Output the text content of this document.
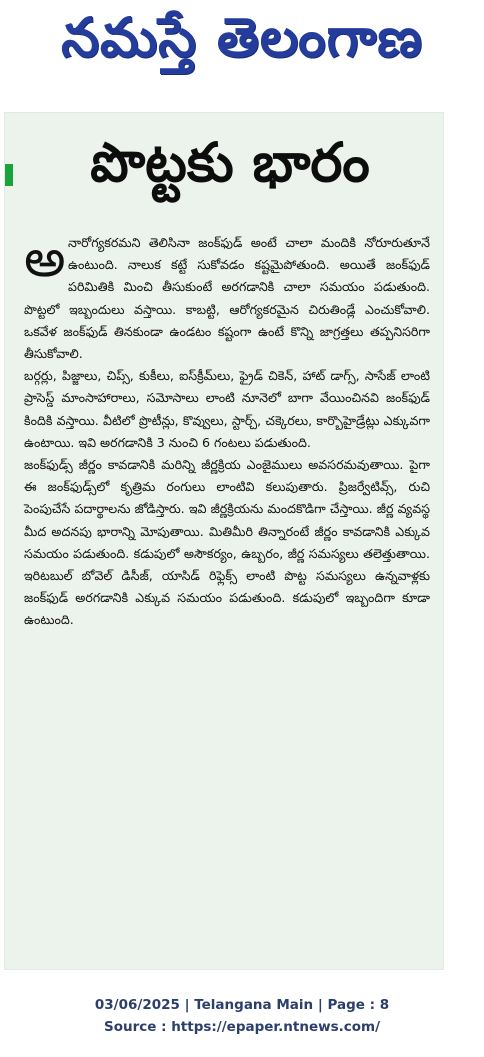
నమస్తే తెలంగాణ
పొట్టకు భారం
అ నారోగ్యకరమని తెలిసినా జంక్‌ఫుడ్ అంటే చాలా మందికి నోరూరుతూనే ఉంటుంది. నాలుక కట్టే సుకోవడం కష్టమైపోతుంది. అయితే జంక్‌ఫుడ్ పరిమితికి మించి తీసుకుంటే అరగడానికి చాలా సమయం పడుతుంది. పొట్టలో ఇబ్బందులు వస్తాయి. కాబట్టి, ఆరోగ్యకరమైన చిరుతిండ్లే ఎంచుకోవాలి. ఒకవేళ జంక్‌ఫుడ్ తినకుండా ఉండటం కష్టంగా ఉంటే కొన్ని జాగ్రత్తలు తప్పనిసరిగా తీసుకోవాలి.
బర్గర్లు, పిజ్జాలు, చిప్స్, కుకీలు, ఐస్‌క్రీమ్‌లు, ఫ్రైడ్ చికెన్, హాట్ డాగ్స్, సాసేజ్ లాంటి ప్రాసెస్డ్ మాంసాహారాలు, సమోసాలు లాంటి నూనెలో బాగా వేయించినవి జంక్‌ఫుడ్ కిందికి వస్తాయి. వీటిలో ప్రొటీన్లు, కొవ్వులు, స్టార్చ్, చక్కెరలు, కార్బొహైడ్రేట్లు ఎక్కువగా ఉంటాయి. ఇవి అరగడానికి 3 నుంచి 6 గంటలు పడుతుంది.
జంక్‌ఫుడ్స్ జీర్ణం కావడానికి మరిన్ని జీర్ణక్రియ ఎంజైములు అవసరమవుతాయి. పైగా ఈ జంక్‌ఫుడ్స్‌లో కృత్రిమ రంగులు లాంటివి కలుపుతారు. ప్రిజర్వేటివ్స్, రుచి పెంపుచేసే పదార్థాలను జోడిస్తారు. ఇవి జీర్ణక్రియను మందకొడిగా చేస్తాయి. జీర్ణ వ్యవస్థ మీద అదనపు భారాన్ని మోపుతాయి. మితిమీరి తిన్నారంటే జీర్ణం కావడానికి ఎక్కువ సమయం పడుతుంది. కడుపులో అసౌకర్యం, ఉబ్బరం, జీర్ణ సమస్యలు తలెత్తుతాయి. ఇరిటబుల్ బోవెల్ డిసీజ్, యాసిడ్ రిఫ్లెక్స్ లాంటి పొట్ట సమస్యలు ఉన్నవాళ్లకు జంక్‌ఫుడ్ అరగడానికి ఎక్కువ సమయం పడుతుంది. కడుపులో ఇబ్బందిగా కూడా ఉంటుంది.
03/06/2025 | Telangana Main | Page : 8
Source : https://epaper.ntnews.com/
